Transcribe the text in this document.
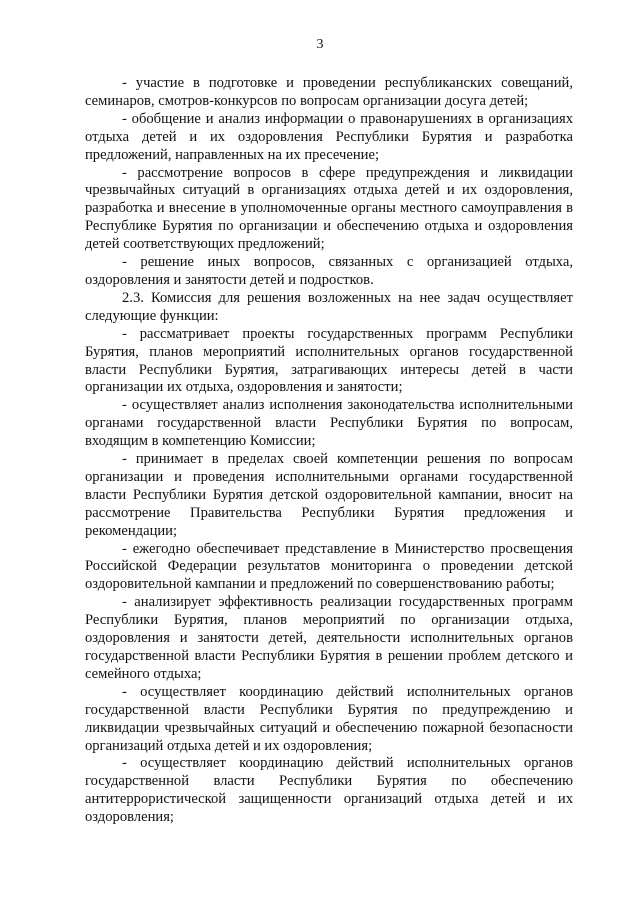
3

- участие в подготовке и проведении республиканских совещаний, семинаров, смотров-конкурсов по вопросам организации досуга детей;

- обобщение и анализ информации о правонарушениях в организациях отдыха детей и их оздоровления Республики Бурятия и разработка предложений, направленных на их пресечение;

- рассмотрение вопросов в сфере предупреждения и ликвидации чрезвычайных ситуаций в организациях отдыха детей и их оздоровления, разработка и внесение в уполномоченные органы местного самоуправления в Республике Бурятия по организации и обеспечению отдыха и оздоровления детей соответствующих предложений;

- решение иных вопросов, связанных с организацией отдыха, оздоровления и занятости детей и подростков.

2.3. Комиссия для решения возложенных на нее задач осуществляет следующие функции:

- рассматривает проекты государственных программ Республики Бурятия, планов мероприятий исполнительных органов государственной власти Республики Бурятия, затрагивающих интересы детей в части организации их отдыха, оздоровления и занятости;

- осуществляет анализ исполнения законодательства исполнительными органами государственной власти Республики Бурятия по вопросам, входящим в компетенцию Комиссии;

- принимает в пределах своей компетенции решения по вопросам организации и проведения исполнительными органами государственной власти Республики Бурятия детской оздоровительной кампании, вносит на рассмотрение Правительства Республики Бурятия предложения и рекомендации;

- ежегодно обеспечивает представление в Министерство просвещения Российской Федерации результатов мониторинга о проведении детской оздоровительной кампании и предложений по совершенствованию работы;

- анализирует эффективность реализации государственных программ Республики Бурятия, планов мероприятий по организации отдыха, оздоровления и занятости детей, деятельности исполнительных органов государственной власти Республики Бурятия в решении проблем детского и семейного отдыха;

- осуществляет координацию действий исполнительных органов государственной власти Республики Бурятия по предупреждению и ликвидации чрезвычайных ситуаций и обеспечению пожарной безопасности организаций отдыха детей и их оздоровления;

- осуществляет координацию действий исполнительных органов государственной власти Республики Бурятия по обеспечению антитеррористической защищенности организаций отдыха детей и их оздоровления;
